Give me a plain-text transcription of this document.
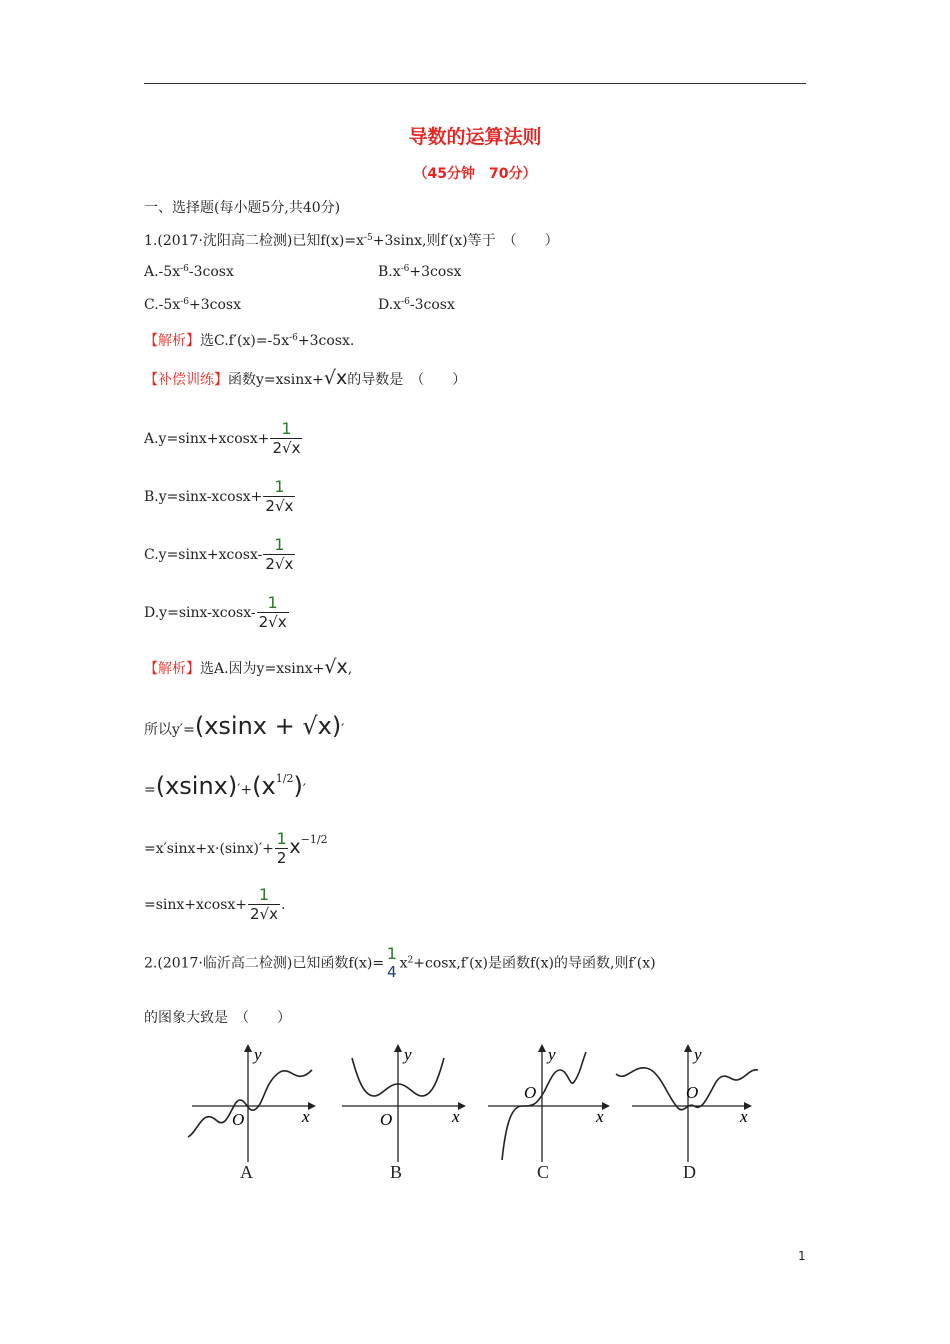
导数的运算法则
（45分钟　70分）
一、选择题(每小题5分,共40分)
1.(2017·沈阳高二检测)已知$f(x)=x^{-5}+3\sin x$,则f′(x)等于　（　　）
$A.-5x^{-6}-3\cos x$	$B.x^{-6}+3\cos x$
$C.-5x^{-6}+3\cos x$	$D.x^{-6}-3\cos x$
【解析】选$C.f'(x)=-5x^{-6}+3\cos x$.
【补偿训练】函数y=xsinx+√x的导数是　（　　）
$A.y=\sin x+xcosx+ \frac{1}{2√x}$
$B.y=\sin x-xcosx+ \frac{1}{2√x}$
$C.y=\sin x+xcosx- \frac{1}{2√x}$
$D.y=\sin x-xcosx- \frac{1}{2√x}$
【解析】选A.因为y=xsinx+√x,
所以y′=(xsinx + √x)′
$=(xsinx)'+(x^{1/2})'$
$=x'\sin x+x\cdot(\sin x)'+ \frac{1}{2} x^{-1/2}$
$=\sin x+xcosx+ \frac{1}{2√x}$ .
2.(2017·临沂高二检测)已知函数f(x)=
1
4 $x^2+\cos x,f'(x)$是函数f(x)的导函数,则f′(x)
的图象大致是　（　　）
y
x
O
y
x
O
y
x
O
y
x
O
A	B	C	D
1
